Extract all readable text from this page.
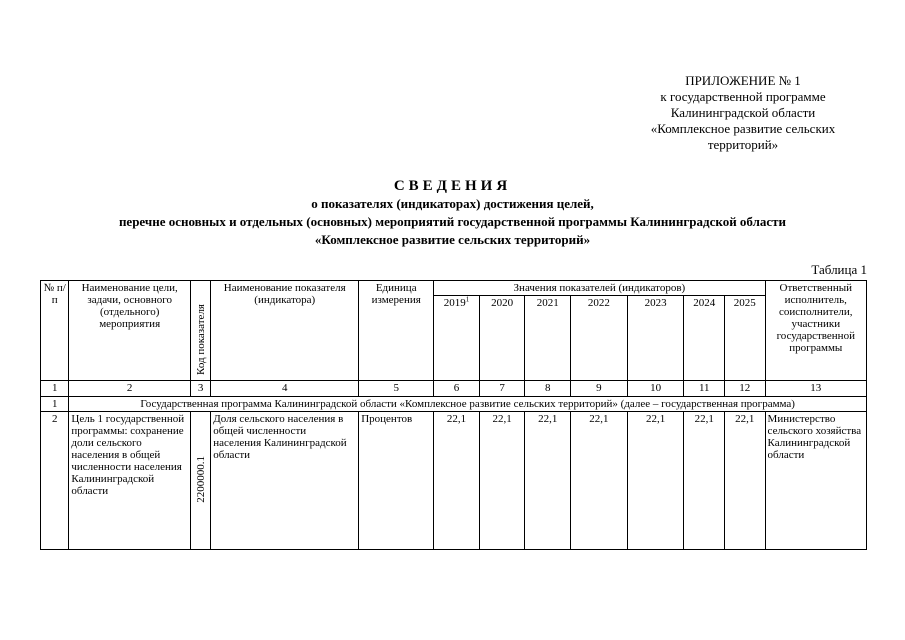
ПРИЛОЖЕНИЕ № 1
к государственной программе
Калининградской области
«Комплексное развитие сельских
территорий»
СВЕДЕНИЯ
о показателях (индикаторах) достижения целей,
перечне основных и отдельных (основных) мероприятий государственной программы Калининградской области
«Комплексное развитие сельских территорий»
Таблица 1
№ п/п	Наименование цели, задачи, основного (отдельного) мероприятия	Код показателя	Наименование показателя (индикатора)	Единица измерения	Значения показателей (индикаторов)							Ответственный исполнитель, соисполнители, участники государственной программы
					2019$^1$	2020	2021	2022	2023	2024	2025	
1	2	3	4	5	6	7	8	9	10	11	12	13
1	Государственная программа Калининградской области «Комплексное развитие сельских территорий» (далее – государственная программа)											
2	Цель 1 государственной программы: сохранение доли сельского населения в общей численности населения Калининградской области	2200000.1	Доля сельского населения в общей численности населения Калининградской области	Процентов	22,1	22,1	22,1	22,1	22,1	22,1	22,1	Министерство сельского хозяйства Калининградской области
